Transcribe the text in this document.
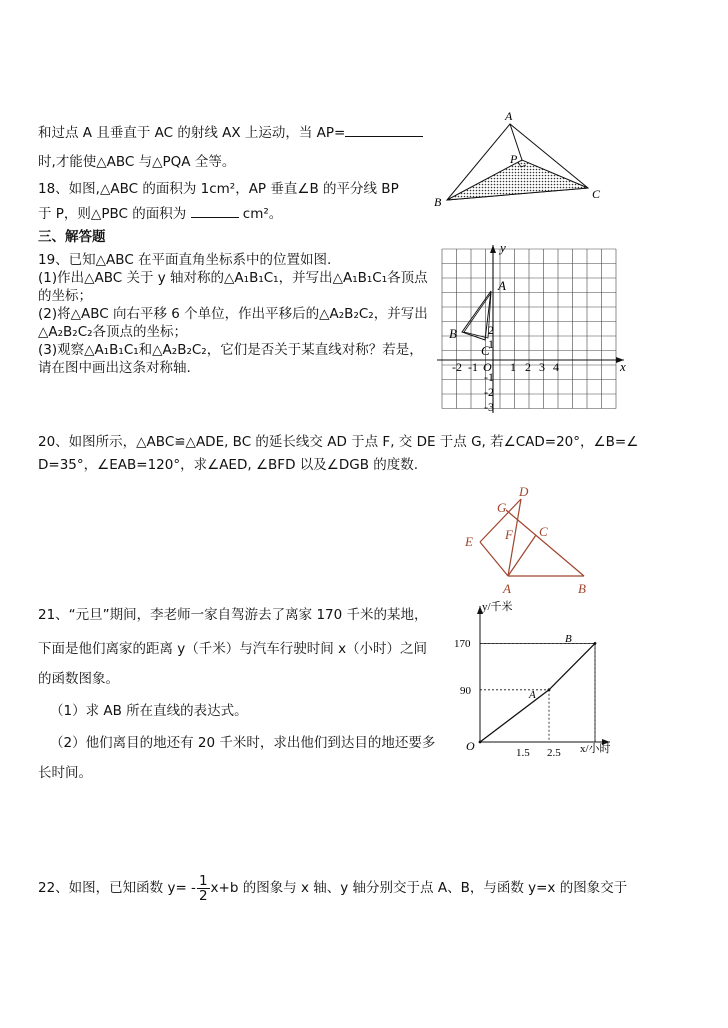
和过点 A 且垂直于 AC 的射线 AX 上运动，当 AP=
时,才能使△ABC 与△PQA 全等。
18、如图,△ABC 的面积为 1cm²，AP 垂直∠B 的平分线 BP
于 P，则△PBC 的面积为	cm²。
A
P
B
C
三、解答题
19、已知△ABC 在平面直角坐标系中的位置如图.
(1)作出△ABC 关于 y 轴对称的△A₁B₁C₁，并写出△A₁B₁C₁各顶点
的坐标；
(2)将△ABC 向右平移 6 个单位，作出平移后的△A₂B₂C₂，并写出
△A₂B₂C₂各顶点的坐标；
(3)观察△A₁B₁C₁和△A₂B₂C₂，它们是否关于某直线对称？若是，
请在图中画出这条对称轴.	x
y
A
B
C
-2 -1 O 1 2 3 4
2
1
-1
-2
-3
20、如图所示，△ABC≌△ADE, BC 的延长线交 AD 于点 F, 交 DE 于点 G, 若∠CAD=20°，∠B=∠
D=35°，∠EAB=120°，求∠AED, ∠BFD 以及∠DGB 的度数.
D
G
F C
E
A	B
21、“元旦”期间，李老师一家自驾游去了离家 170 千米的某地，
下面是他们离家的距离 y（千米）与汽车行驶时间 x（小时）之间
的函数图象。
（1）求 AB 所在直线的表达式。
（2）他们离目的地还有 20 千米时，求出他们到达目的地还要多
长时间。
y/千米
x/小时
O
170
90
1.5 2.5
A
B
22、如图，已知函数 $y= - \frac{1}{2} x+b$ 的图象与 x 轴、y 轴分别交于点 A、B，与函数 y=x 的图象交于
